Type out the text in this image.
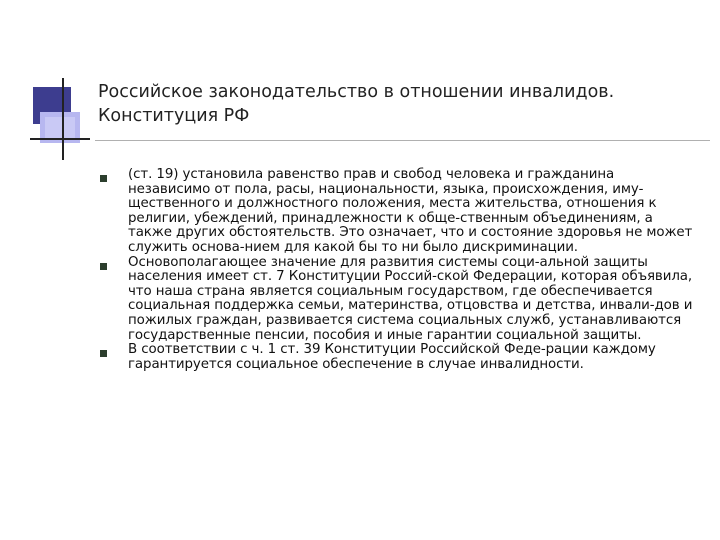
Российское законодательство в отношении инвалидов.
Конституция РФ
(ст. 19) установила равенство прав и свобод человека и гражданина независимо от пола, расы, национальности, языка, происхождения, иму-щественного и должностного положения, места жительства, отношения к религии, убеждений, принадлежности к обще-ственным объединениям, а также других обстоятельств. Это означает, что и состояние здоровья не может служить основа-нием для какой бы то ни было дискриминации.
Основополагающее значение для развития системы соци-альной защиты населения имеет ст. 7 Конституции Россий-ской Федерации, которая объявила, что наша страна является социальным государством, где обеспечивается социальная поддержка семьи, материнства, отцовства и детства, инвали-дов и пожилых граждан, развивается система социальных служб, устанавливаются государственные пенсии, пособия и иные гарантии социальной защиты.
В соответствии с ч. 1 ст. 39 Конституции Российской Феде-рации каждому гарантируется социальное обеспечение в случае инвалидности.
